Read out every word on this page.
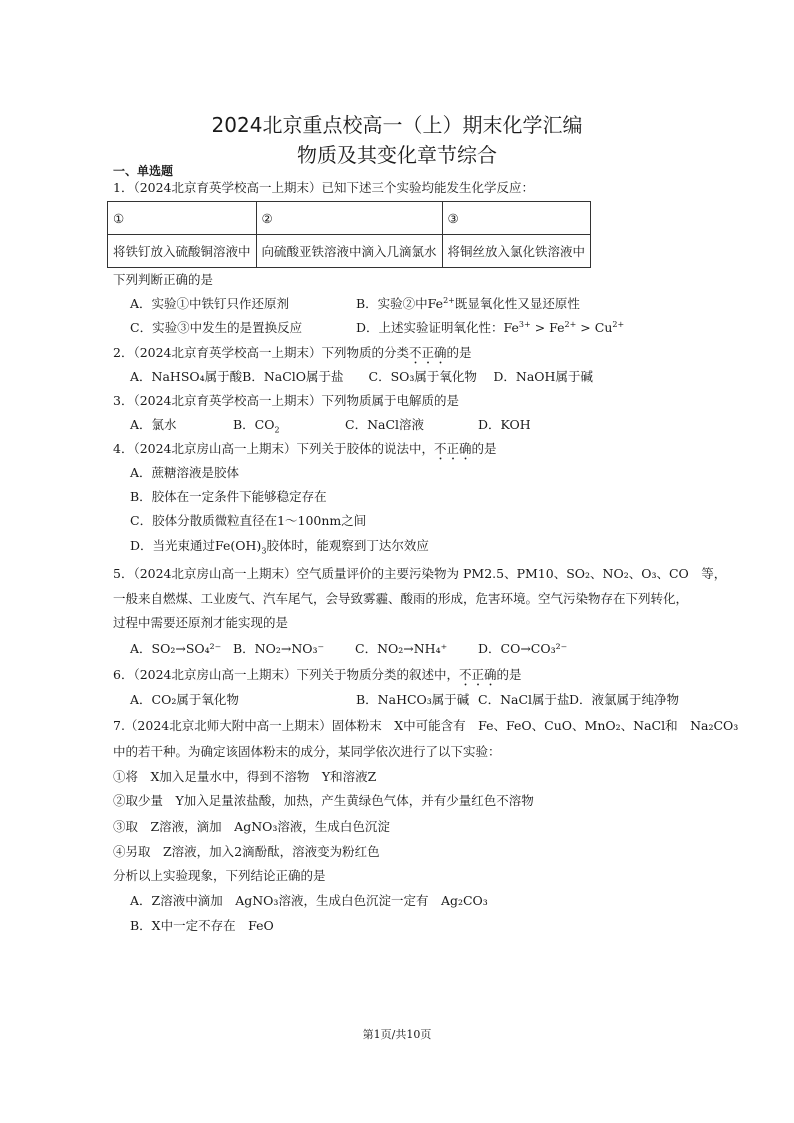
2024北京重点校高一（上）期末化学汇编
物质及其变化章节综合
一、单选题
1．（2024北京育英学校高一上期末）已知下述三个实验均能发生化学反应：
①	②	③
将铁钉放入硫酸铜溶液中	向硫酸亚铁溶液中滴入几滴氯水	将铜丝放入氯化铁溶液中
下列判断正确的是
A．实验①中铁钉只作还原剂	B．实验②中$Fe^{2+}$既显氧化性又显还原性
C．实验③中发生的是置换反应	D．上述实验证明氧化性：$Fe^{3+} > Fe^{2+} > Cu^{2+}$
2．（2024北京育英学校高一上期末）下列物质的分类不正确的是
A．NaHSO₄属于酸B．NaClO属于盐　　C．SO₃属于氧化物　 D．NaOH属于碱
3．（2024北京育英学校高一上期末）下列物质属于电解质的是
A．氯水	B．$CO_2$	C．NaCl溶液	D．KOH
4．（2024北京房山高一上期末）下列关于胶体的说法中，不正确的是
A．蔗糖溶液是胶体
B．胶体在一定条件下能够稳定存在
C．胶体分散质微粒直径在1～100nm之间
D．当光束通过$Fe(OH)_3$胶体时，能观察到丁达尔效应
5．（2024北京房山高一上期末）空气质量评价的主要污染物为 PM2.5、PM10、SO₂、NO₂、O₃、CO　等，
一般来自燃煤、工业废气、汽车尾气，会导致雾霾、酸雨的形成，危害环境。空气污染物存在下列转化，
过程中需要还原剂才能实现的是
A．SO₂→SO₄²⁻ B．NO₂→NO₃⁻ C．NO₂→NH₄⁺ D．CO→CO₃²⁻
6．（2024北京房山高一上期末）下列关于物质分类的叙述中，不正确的是
A．CO₂属于氧化物	B．NaHCO₃属于碱 C．NaCl属于盐 D．液氯属于纯净物
7.（2024北京北师大附中高一上期末）固体粉末　X中可能含有　Fe、FeO、CuO、MnO₂、NaCl和　Na₂CO₃
中的若干种。为确定该固体粉末的成分，某同学依次进行了以下实验：
①将　X加入足量水中，得到不溶物　Y和溶液Z
②取少量　Y加入足量浓盐酸，加热，产生黄绿色气体，并有少量红色不溶物
③取　Z溶液，滴加　AgNO₃溶液，生成白色沉淀
④另取　Z溶液，加入2滴酚酞，溶液变为粉红色
分析以上实验现象，下列结论正确的是
A．Z溶液中滴加　AgNO₃溶液，生成白色沉淀一定有　Ag₂CO₃
B．X中一定不存在　FeO
第1页/共10页
